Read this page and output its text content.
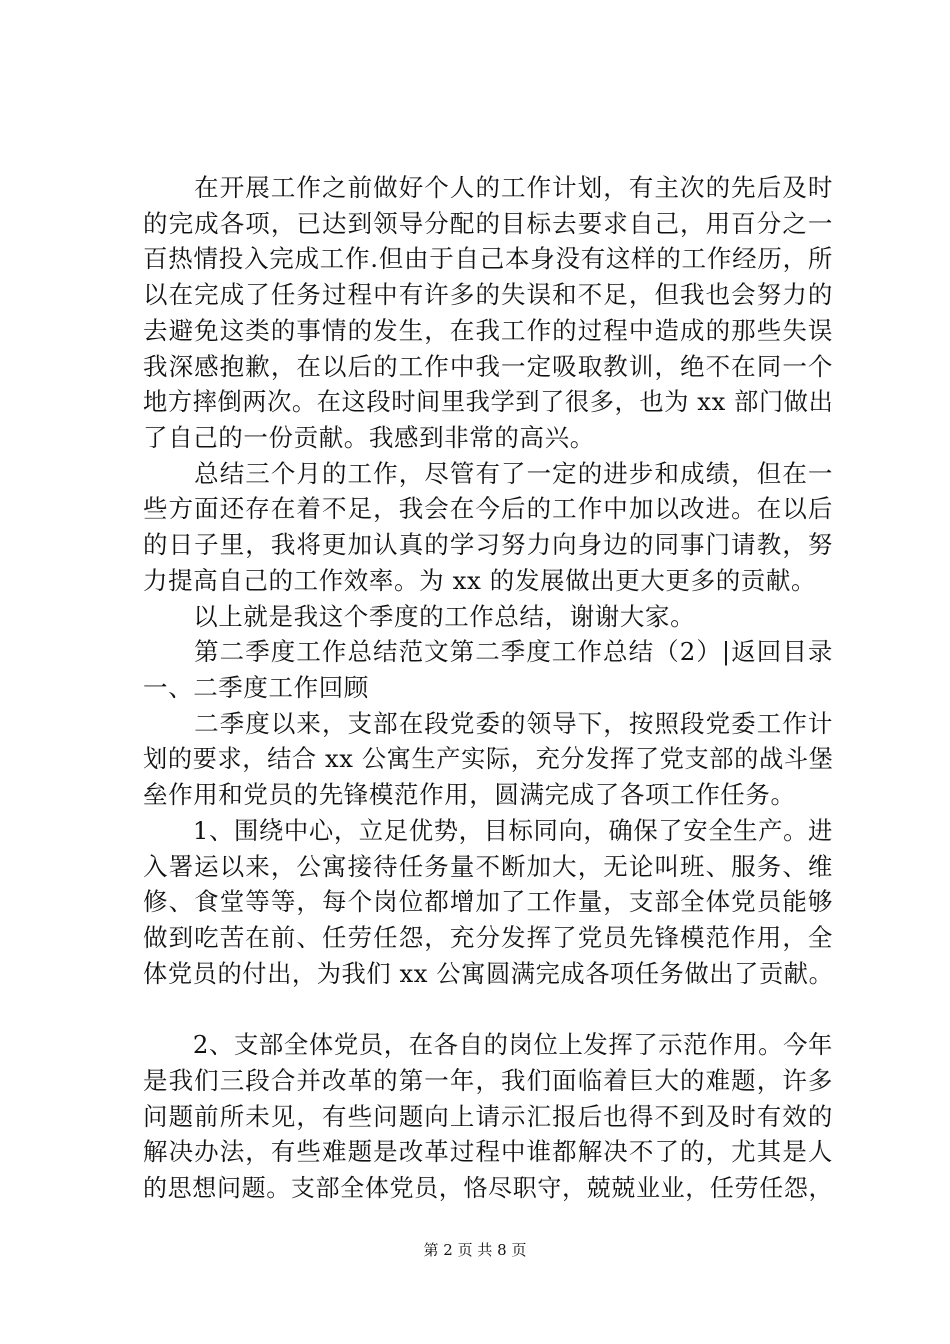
　　在开展工作之前做好个人的工作计划，有主次的先后及时
的完成各项，已达到领导分配的目标去要求自己，用百分之一
百热情投入完成工作.但由于自己本身没有这样的工作经历，所
以在完成了任务过程中有许多的失误和不足，但我也会努力的
去避免这类的事情的发生，在我工作的过程中造成的那些失误
我深感抱歉，在以后的工作中我一定吸取教训，绝不在同一个
地方摔倒两次。在这段时间里我学到了很多，也为 xx 部门做出
了自己的一份贡献。我感到非常的高兴。
　　总结三个月的工作，尽管有了一定的进步和成绩，但在一
些方面还存在着不足，我会在今后的工作中加以改进。在以后
的日子里，我将更加认真的学习努力向身边的同事门请教，努
力提高自己的工作效率。为 xx 的发展做出更大更多的贡献。
　　以上就是我这个季度的工作总结，谢谢大家。
　　第二季度工作总结范文第二季度工作总结（2）|返回目录
一、二季度工作回顾
　　二季度以来，支部在段党委的领导下，按照段党委工作计
划的要求，结合 xx 公寓生产实际，充分发挥了党支部的战斗堡
垒作用和党员的先锋模范作用，圆满完成了各项工作任务。
　　1、围绕中心，立足优势，目标同向，确保了安全生产。进
入署运以来，公寓接待任务量不断加大，无论叫班、服务、维
修、食堂等等，每个岗位都增加了工作量，支部全体党员能够
做到吃苦在前、任劳任怨，充分发挥了党员先锋模范作用，全
体党员的付出，为我们 xx 公寓圆满完成各项任务做出了贡献。
　　2、支部全体党员，在各自的岗位上发挥了示范作用。今年
是我们三段合并改革的第一年，我们面临着巨大的难题，许多
问题前所未见，有些问题向上请示汇报后也得不到及时有效的
解决办法，有些难题是改革过程中谁都解决不了的，尤其是人
的思想问题。支部全体党员，恪尽职守，兢兢业业，任劳任怨，
第 2 页 共 8 页
